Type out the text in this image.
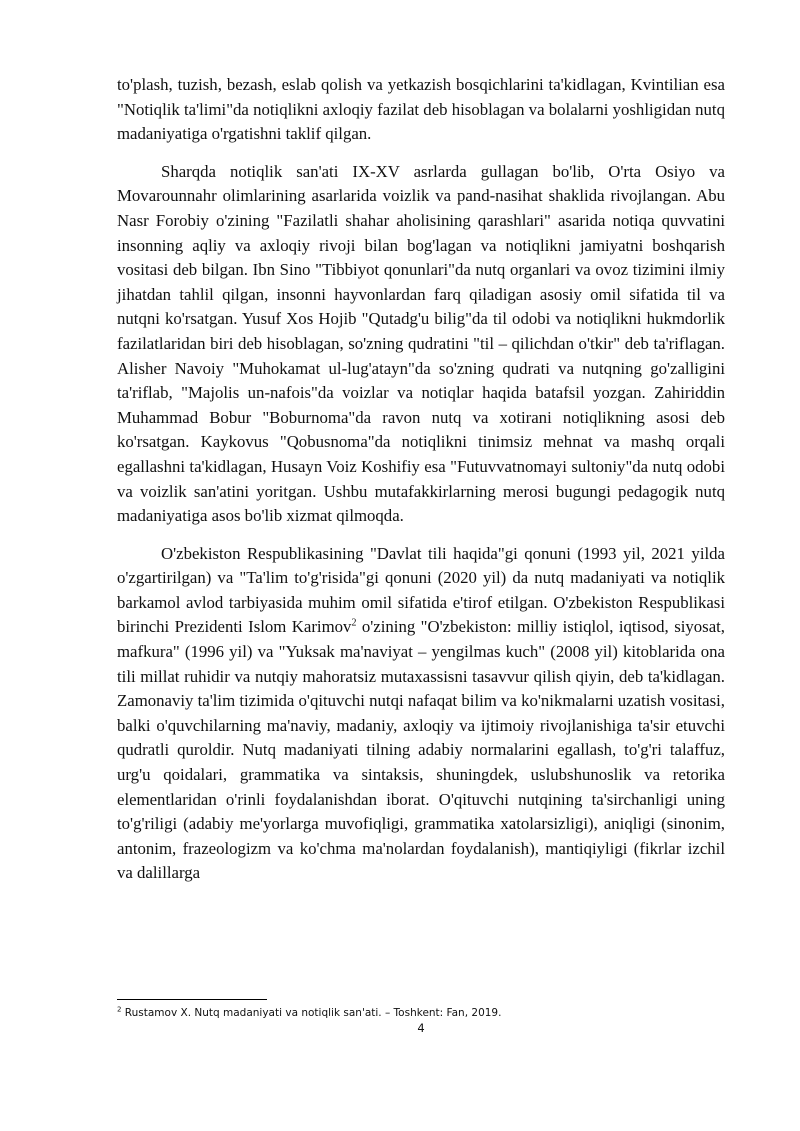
to'plash, tuzish, bezash, eslab qolish va yetkazish bosqichlarini ta'kidlagan, Kvintilian esa "Notiqlik ta'limi"da notiqlikni axloqiy fazilat deb hisoblagan va bolalarni yoshligidan nutq madaniyatiga o'rgatishni taklif qilgan.

Sharqda notiqlik san'ati IX-XV asrlarda gullagan bo'lib, O'rta Osiyo va Movarounnahr olimlarining asarlarida voizlik va pand-nasihat shaklida rivojlangan. Abu Nasr Forobiy o'zining "Fazilatli shahar aholisining qarashlari" asarida notiqa quvvatini insonning aqliy va axloqiy rivoji bilan bog'lagan va notiqlikni jamiyatni boshqarish vositasi deb bilgan. Ibn Sino "Tibbiyot qonunlari"da nutq organlari va ovoz tizimini ilmiy jihatdan tahlil qilgan, insonni hayvonlardan farq qiladigan asosiy omil sifatida til va nutqni ko'rsatgan. Yusuf Xos Hojib "Qutadg'u bilig"da til odobi va notiqlikni hukmdorlik fazilatlaridan biri deb hisoblagan, so'zning qudratini "til – qilichdan o'tkir" deb ta'riflagan. Alisher Navoiy "Muhokamat ul-lug'atayn"da so'zning qudrati va nutqning go'zalligini ta'riflab, "Majolis un-nafois"da voizlar va notiqlar haqida batafsil yozgan. Zahiriddin Muhammad Bobur "Boburnoma"da ravon nutq va xotirani notiqlikning asosi deb ko'rsatgan. Kaykovus "Qobusnoma"da notiqlikni tinimsiz mehnat va mashq orqali egallashni ta'kidlagan, Husayn Voiz Koshifiy esa "Futuvvatnomayi sultoniy"da nutq odobi va voizlik san'atini yoritgan. Ushbu mutafakkirlarning merosi bugungi pedagogik nutq madaniyatiga asos bo'lib xizmat qilmoqda.

O'zbekiston Respublikasining "Davlat tili haqida"gi qonuni (1993 yil, 2021 yilda o'zgartirilgan) va "Ta'lim to'g'risida"gi qonuni (2020 yil) da nutq madaniyati va notiqlik barkamol avlod tarbiyasida muhim omil sifatida e'tirof etilgan. O'zbekiston Respublikasi birinchi Prezidenti Islom Karimov$^2$ o'zining "O'zbekiston: milliy istiqlol, iqtisod, siyosat, mafkura" (1996 yil) va "Yuksak ma'naviyat – yengilmas kuch" (2008 yil) kitoblarida ona tili millat ruhidir va nutqiy mahoratsiz mutaxassisni tasavvur qilish qiyin, deb ta'kidlagan. Zamonaviy ta'lim tizimida o'qituvchi nutqi nafaqat bilim va ko'nikmalarni uzatish vositasi, balki o'quvchilarning ma'naviy, madaniy, axloqiy va ijtimoiy rivojlanishiga ta'sir etuvchi qudratli quroldir. Nutq madaniyati tilning adabiy normalarini egallash, to'g'ri talaffuz, urg'u qoidalari, grammatika va sintaksis, shuningdek, uslubshunoslik va retorika elementlaridan o'rinli foydalanishdan iborat. O'qituvchi nutqining ta'sirchanligi uning to'g'riligi (adabiy me'yorlarga muvofiqligi, grammatika xatolarsizligi), aniqligi (sinonim, antonim, frazeologizm va ko'chma ma'nolardan foydalanish), mantiqiyligi (fikrlar izchil va dalillarga

$^2$ Rustamov X. Nutq madaniyati va notiqlik san'ati. – Toshkent: Fan, 2019.
4
